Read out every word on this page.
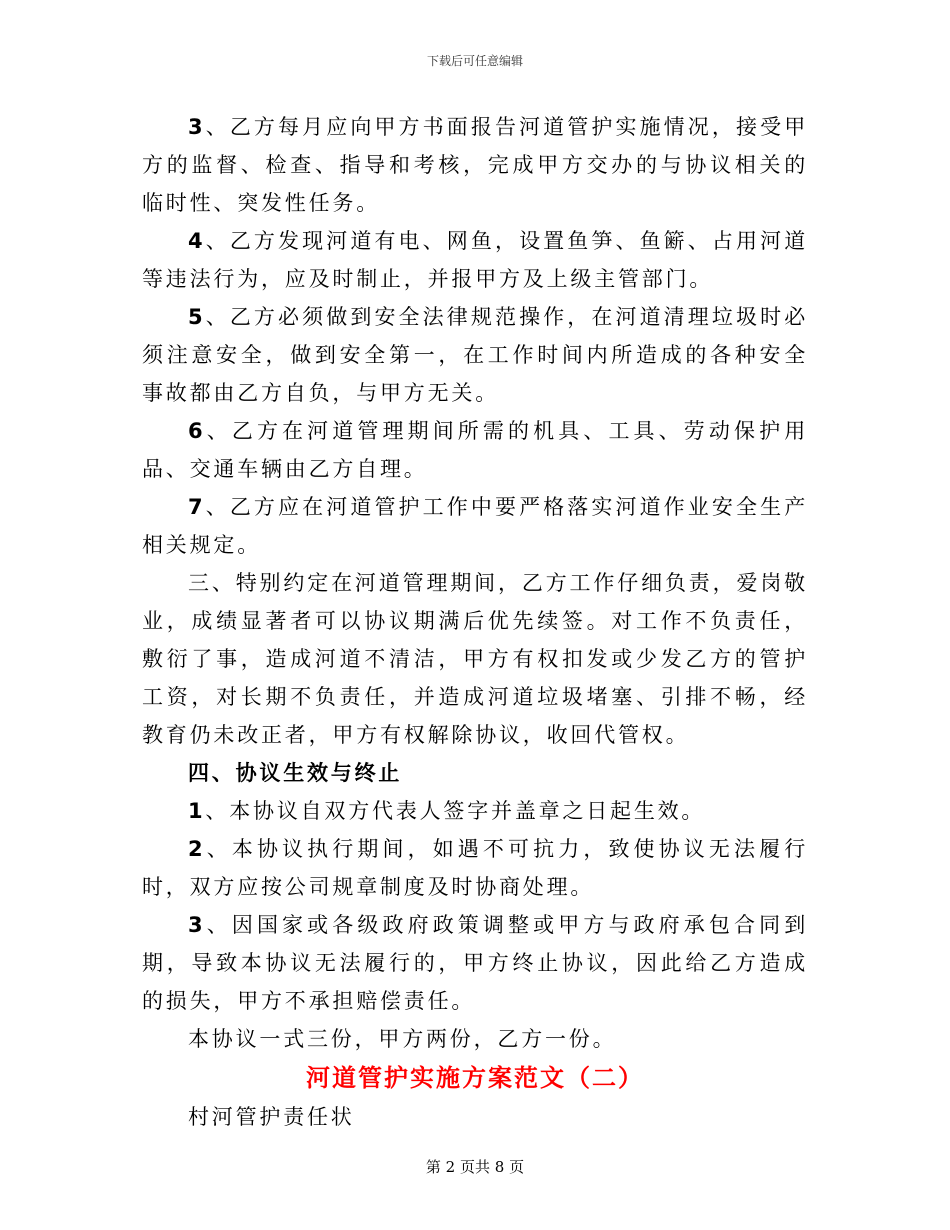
下载后可任意编辑

3、乙方每月应向甲方书面报告河道管护实施情况，接受甲方的监督、检查、指导和考核，完成甲方交办的与协议相关的临时性、突发性任务。

4、乙方发现河道有电、网鱼，设置鱼笋、鱼簖、占用河道等违法行为，应及时制止，并报甲方及上级主管部门。

5、乙方必须做到安全法律规范操作，在河道清理垃圾时必须注意安全，做到安全第一，在工作时间内所造成的各种安全事故都由乙方自负，与甲方无关。

6、乙方在河道管理期间所需的机具、工具、劳动保护用品、交通车辆由乙方自理。

7、乙方应在河道管护工作中要严格落实河道作业安全生产相关规定。

三、特别约定在河道管理期间，乙方工作仔细负责，爱岗敬业，成绩显著者可以协议期满后优先续签。对工作不负责任，敷衍了事，造成河道不清洁，甲方有权扣发或少发乙方的管护工资，对长期不负责任，并造成河道垃圾堵塞、引排不畅，经教育仍未改正者，甲方有权解除协议，收回代管权。

四、协议生效与终止

1、本协议自双方代表人签字并盖章之日起生效。

2、本协议执行期间，如遇不可抗力，致使协议无法履行时，双方应按公司规章制度及时协商处理。

3、因国家或各级政府政策调整或甲方与政府承包合同到期，导致本协议无法履行的，甲方终止协议，因此给乙方造成的损失，甲方不承担赔偿责任。

本协议一式三份，甲方两份，乙方一份。

河道管护实施方案范文（二）

村河管护责任状

第 2 页共 8 页
